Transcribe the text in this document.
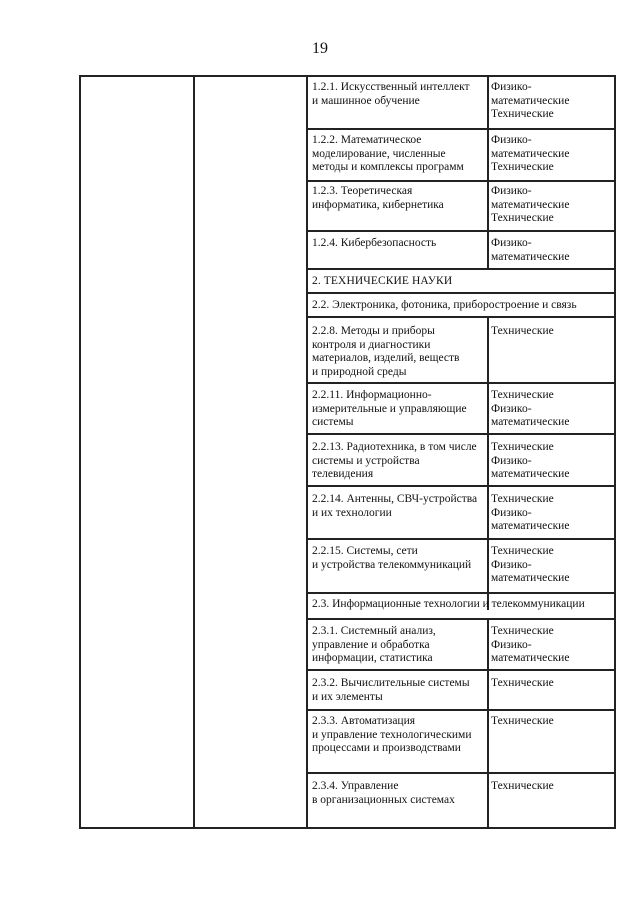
19
1.2.1. Искусственный интеллект
и машинное обучение
Физико-
математические
Технические
1.2.2. Математическое
моделирование, численные
методы и комплексы программ
Физико-
математические
Технические
1.2.3. Теоретическая
информатика, кибернетика
Физико-
математические
Технические
1.2.4. Кибербезопасность	Физико-
математические
2. ТЕХНИЧЕСКИЕ НАУКИ
2.2. Электроника, фотоника, приборостроение и связь
2.2.8. Методы и приборы
контроля и диагностики
материалов, изделий, веществ
и природной среды
Технические
2.2.11. Информационно-
измерительные и управляющие
системы
Технические
Физико-
математические
2.2.13. Радиотехника, в том числе
системы и устройства
телевидения
Технические
Физико-
математические
2.2.14. Антенны, СВЧ-устройства
и их технологии
Технические
Физико-
математические
2.2.15. Системы, сети
и устройства телекоммуникаций
Технические
Физико-
математические
2.3. Информационные технологии и телекоммуникации
2.3.1. Системный анализ,
управление и обработка
информации, статистика
Технические
Физико-
математические
2.3.2. Вычислительные системы
и их элементы
Технические
2.3.3. Автоматизация
и управление технологическими
процессами и производствами
Технические
2.3.4. Управление
в организационных системах
Технические
